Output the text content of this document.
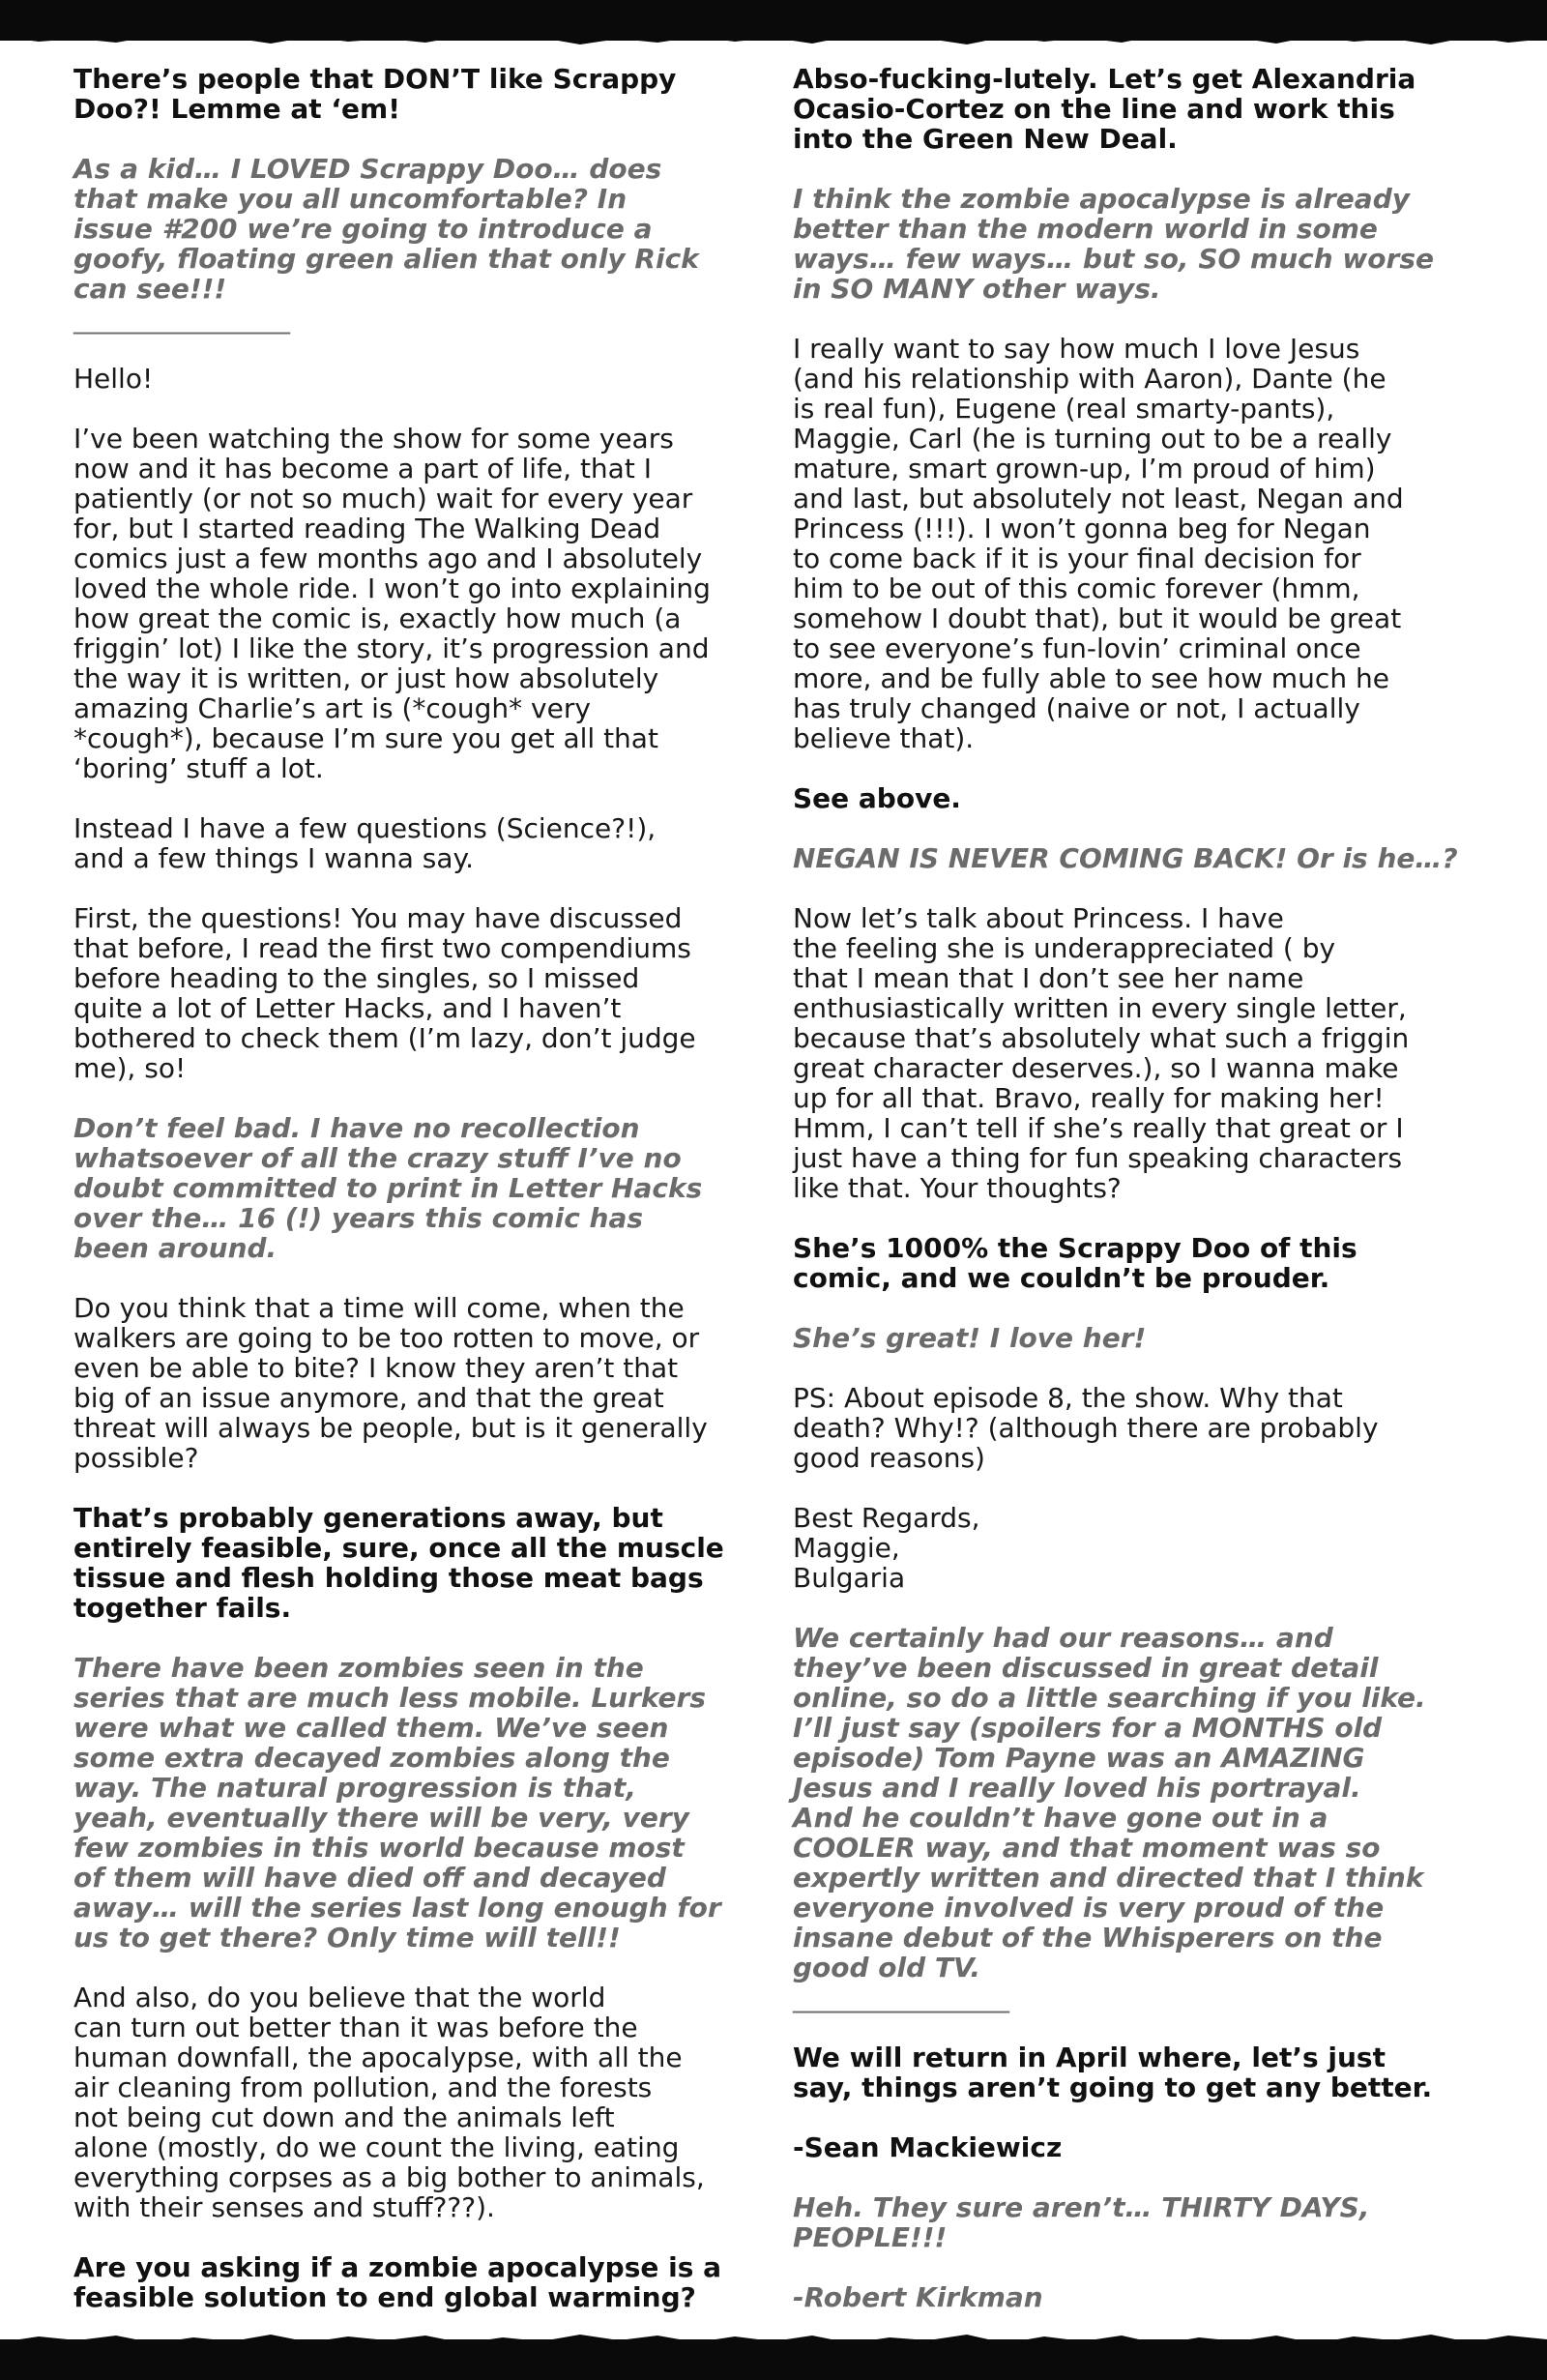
There’s people that DON’T like Scrappy
Doo?! Lemme at ‘em!

As a kid… I LOVED Scrappy Doo… does
that make you all uncomfortable? In
issue #200 we’re going to introduce a
goofy, floating green alien that only Rick
can see!!!

________________

Hello!

I’ve been watching the show for some years
now and it has become a part of life, that I
patiently (or not so much) wait for every year
for, but I started reading The Walking Dead
comics just a few months ago and I absolutely
loved the whole ride. I won’t go into explaining
how great the comic is, exactly how much (a
friggin’ lot) I like the story, it’s progression and
the way it is written, or just how absolutely
amazing Charlie’s art is (*cough* very
*cough*), because I’m sure you get all that
‘boring’ stuff a lot.

Instead I have a few questions (Science?!),
and a few things I wanna say.

First, the questions! You may have discussed
that before, I read the first two compendiums
before heading to the singles, so I missed
quite a lot of Letter Hacks, and I haven’t
bothered to check them (I’m lazy, don’t judge
me), so!

Don’t feel bad. I have no recollection
whatsoever of all the crazy stuff I’ve no
doubt committed to print in Letter Hacks
over the… 16 (!) years this comic has
been around.

Do you think that a time will come, when the
walkers are going to be too rotten to move, or
even be able to bite? I know they aren’t that
big of an issue anymore, and that the great
threat will always be people, but is it generally
possible?

That’s probably generations away, but
entirely feasible, sure, once all the muscle
tissue and flesh holding those meat bags
together fails.

There have been zombies seen in the
series that are much less mobile. Lurkers
were what we called them. We’ve seen
some extra decayed zombies along the
way. The natural progression is that,
yeah, eventually there will be very, very
few zombies in this world because most
of them will have died off and decayed
away… will the series last long enough for
us to get there? Only time will tell!!

And also, do you believe that the world
can turn out better than it was before the
human downfall, the apocalypse, with all the
air cleaning from pollution, and the forests
not being cut down and the animals left
alone (mostly, do we count the living, eating
everything corpses as a big bother to animals,
with their senses and stuff???).

Are you asking if a zombie apocalypse is a
feasible solution to end global warming?

Abso-fucking-lutely. Let’s get Alexandria
Ocasio-Cortez on the line and work this
into the Green New Deal.

I think the zombie apocalypse is already
better than the modern world in some
ways… few ways… but so, SO much worse
in SO MANY other ways.

I really want to say how much I love Jesus
(and his relationship with Aaron), Dante (he
is real fun), Eugene (real smarty-pants),
Maggie, Carl (he is turning out to be a really
mature, smart grown-up, I’m proud of him)
and last, but absolutely not least, Negan and
Princess (!!!). I won’t gonna beg for Negan
to come back if it is your final decision for
him to be out of this comic forever (hmm,
somehow I doubt that), but it would be great
to see everyone’s fun-lovin’ criminal once
more, and be fully able to see how much he
has truly changed (naive or not, I actually
believe that).

See above.

NEGAN IS NEVER COMING BACK! Or is he…?

Now let’s talk about Princess. I have
the feeling she is underappreciated ( by
that I mean that I don’t see her name
enthusiastically written in every single letter,
because that’s absolutely what such a friggin
great character deserves.), so I wanna make
up for all that. Bravo, really for making her!
Hmm, I can’t tell if she’s really that great or I
just have a thing for fun speaking characters
like that. Your thoughts?

She’s 1000% the Scrappy Doo of this
comic, and we couldn’t be prouder.

She’s great! I love her!

PS: About episode 8, the show. Why that
death? Why!? (although there are probably
good reasons)

Best Regards,
Maggie,
Bulgaria

We certainly had our reasons… and
they’ve been discussed in great detail
online, so do a little searching if you like.
I’ll just say (spoilers for a MONTHS old
episode) Tom Payne was an AMAZING
Jesus and I really loved his portrayal.
And he couldn’t have gone out in a
COOLER way, and that moment was so
expertly written and directed that I think
everyone involved is very proud of the
insane debut of the Whisperers on the
good old TV.

________________

We will return in April where, let’s just
say, things aren’t going to get any better.

-Sean Mackiewicz

Heh. They sure aren’t… THIRTY DAYS,
PEOPLE!!!

-Robert Kirkman
